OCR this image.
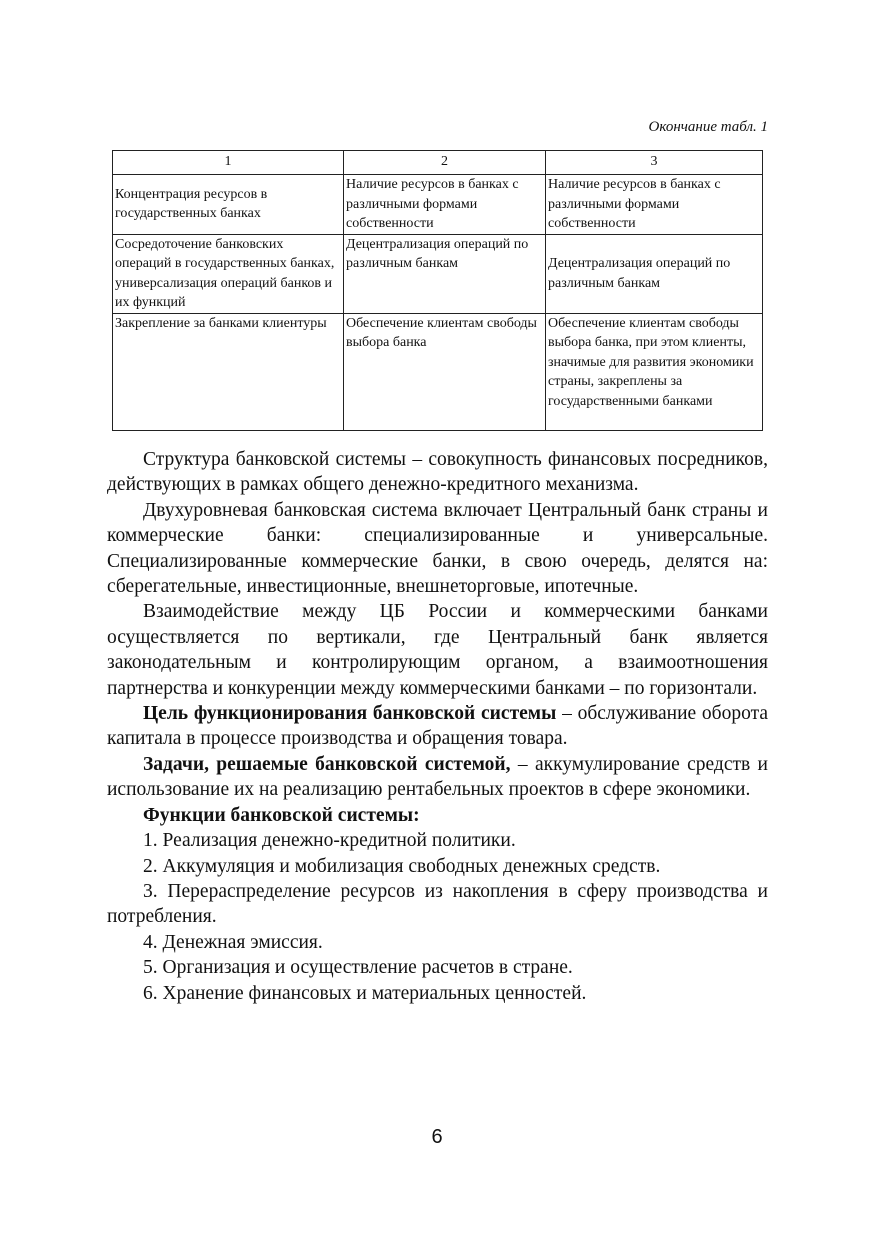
Окончание табл. 1
1	2	3
Концентрация ресурсов в государственных банках	Наличие ресурсов в банках с различными формами собственности	Наличие ресурсов в банках с различными формами собственности
Сосредоточение банковских операций в государственных банках, универсализация операций банков и их функций	Децентрализация операций по различным банкам	Децентрализация операций по различным банкам
Закрепление за банками клиентуры	Обеспечение клиентам свободы выбора банка	Обеспечение клиентам свободы выбора банка, при этом клиенты, значимые для развития экономики страны, закреплены за государственными банками

Структура банковской системы – совокупность финансовых посредников, действующих в рамках общего денежно-кредитного механизма.

Двухуровневая банковская система включает Центральный банк страны и коммерческие банки: специализированные и универсальные. Специализированные коммерческие банки, в свою очередь, делятся на: сберегательные, инвестиционные, внешнеторговые, ипотечные.

Взаимодействие между ЦБ России и коммерческими банками осуществляется по вертикали, где Центральный банк является законодательным и контролирующим органом, а взаимоотношения партнерства и конкуренции между коммерческими банками – по горизонтали.

Цель функционирования банковской системы – обслуживание оборота капитала в процессе производства и обращения товара.

Задачи, решаемые банковской системой, – аккумулирование средств и использование их на реализацию рентабельных проектов в сфере экономики.

Функции банковской системы:

1. Реализация денежно-кредитной политики.

2. Аккумуляция и мобилизация свободных денежных средств.

3. Перераспределение ресурсов из накопления в сферу производства и потребления.

4. Денежная эмиссия.

5. Организация и осуществление расчетов в стране.

6. Хранение финансовых и материальных ценностей.

6
